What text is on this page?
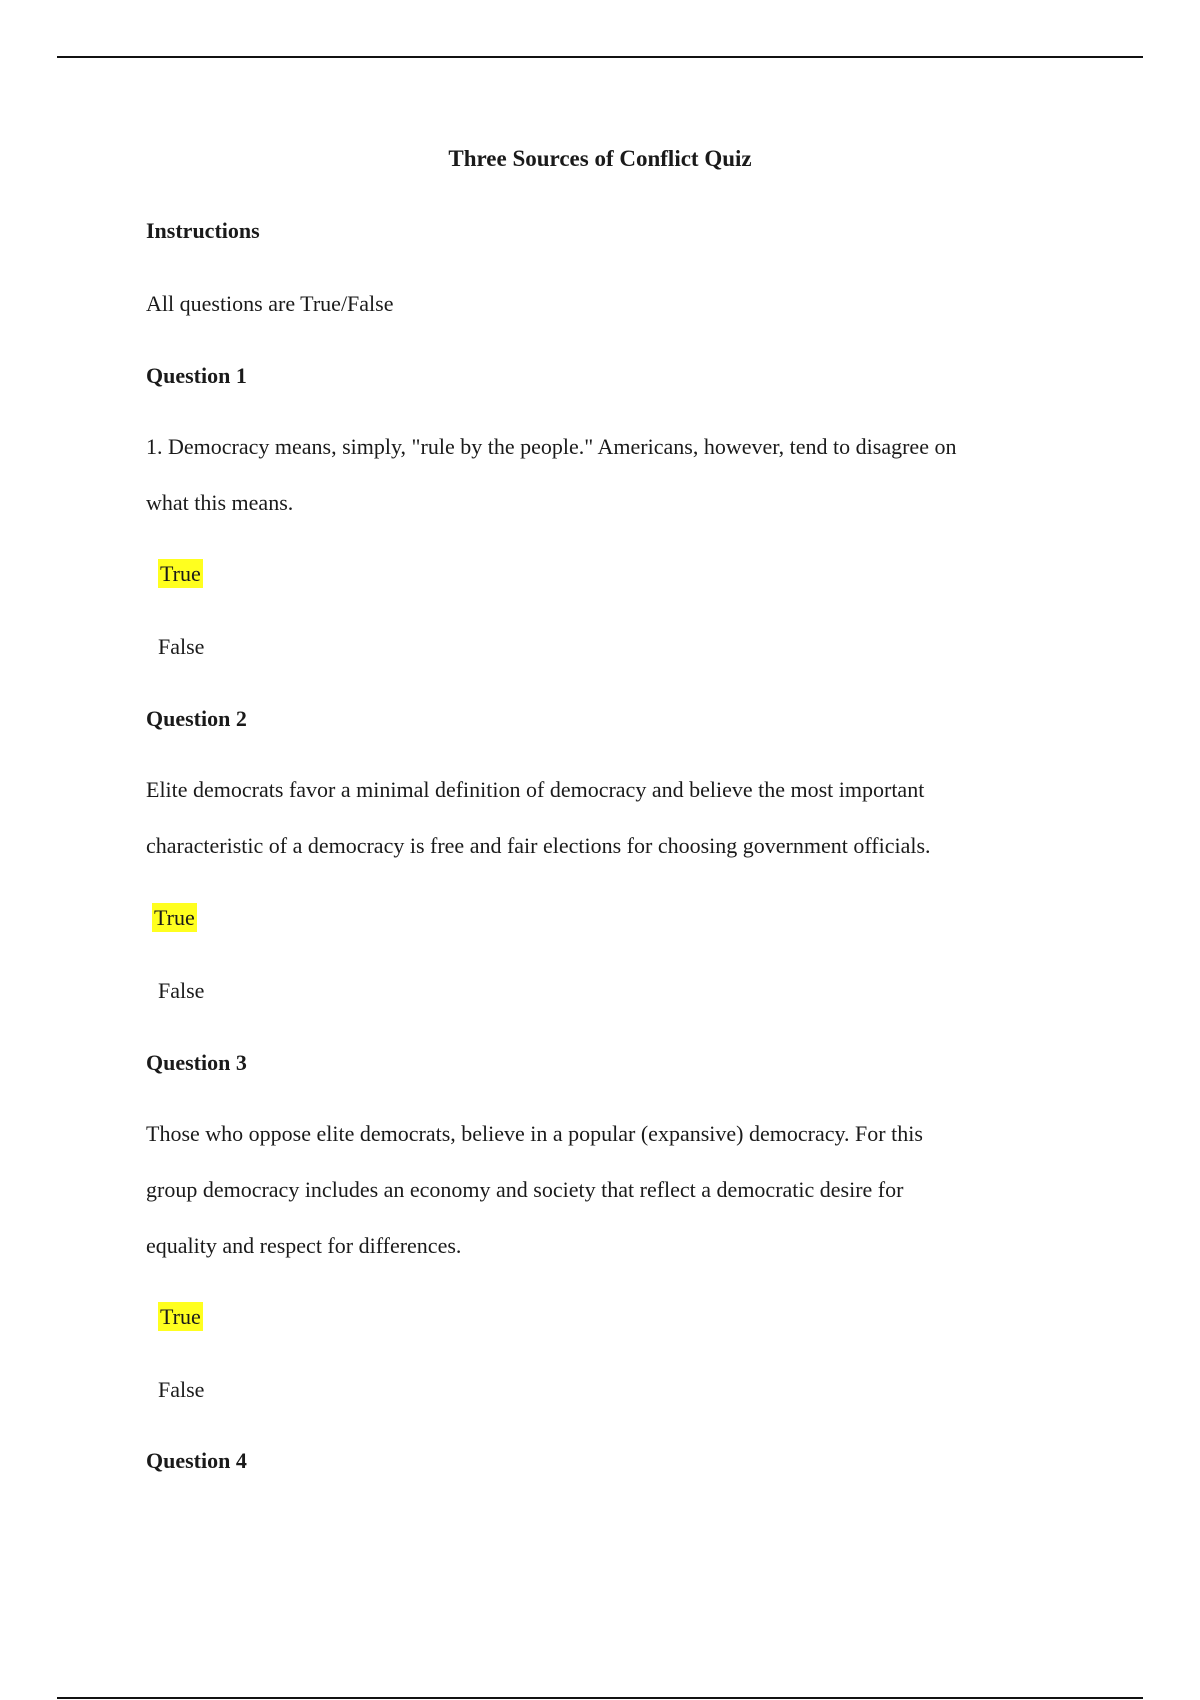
Three Sources of Conflict Quiz
Instructions
All questions are True/False
Question 1
1. Democracy means, simply, "rule by the people." Americans, however, tend to disagree on
what this means.
True
False
Question 2
Elite democrats favor a minimal definition of democracy and believe the most important
characteristic of a democracy is free and fair elections for choosing government officials.
True
False
Question 3
Those who oppose elite democrats, believe in a popular (expansive) democracy. For this
group democracy includes an economy and society that reflect a democratic desire for
equality and respect for differences.
True
False
Question 4
